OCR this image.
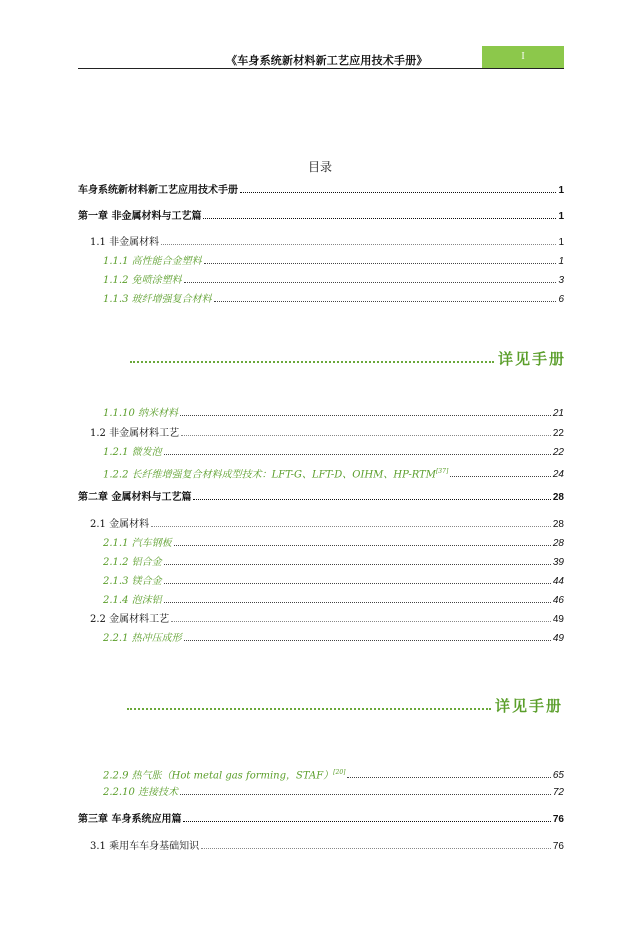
《车身系统新材料新工艺应用技术手册》	I
目录
车身系统新材料新工艺应用技术手册	1
第一章 非金属材料与工艺篇	1
1.1 非金属材料	1
1.1.1 高性能合金塑料	1
1.1.2 免喷涂塑料	3
1.1.3 玻纤增强复合材料	6
详见手册
1.1.10 纳米材料	21
1.2 非金属材料工艺	22
1.2.1 微发泡	22
1.2.2 长纤维增强复合材料成型技术：LFT-G、LFT-D、OIHM、HP-RTM[37]	24
第二章 金属材料与工艺篇	28
2.1 金属材料	28
2.1.1 汽车钢板	28
2.1.2 铝合金	39
2.1.3 镁合金	44
2.1.4 泡沫铝	46
2.2 金属材料工艺	49
2.2.1 热冲压成形	49
详见手册
2.2.9 热气胀（Hot metal gas forming，STAF）[20]	65
2.2.10 连接技术	72
第三章 车身系统应用篇	76
3.1 乘用车车身基础知识	76
